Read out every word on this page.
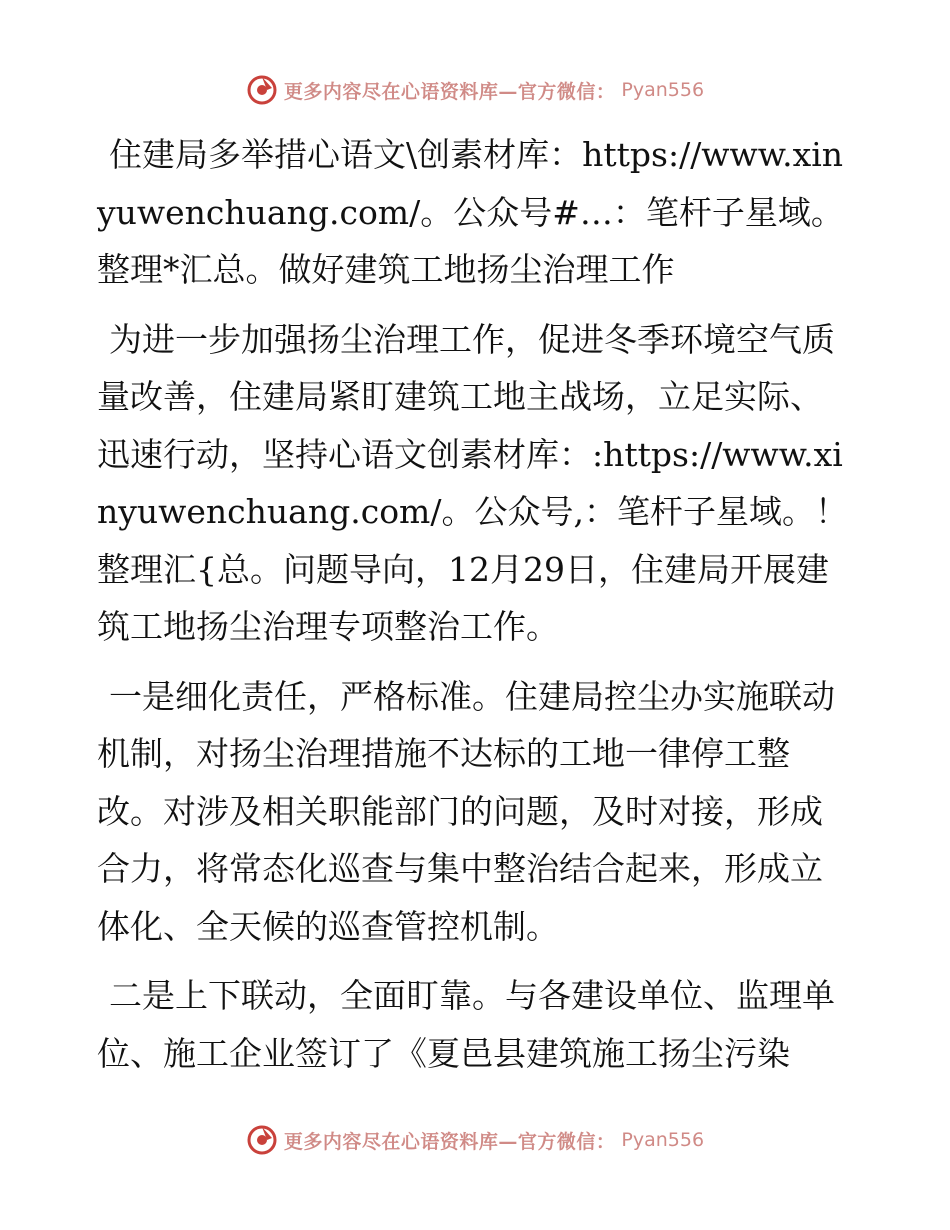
更多内容尽在心语资料库—官方微信： Pyan556

住建局多举措心语文\创素材库：https://www.xinyuwenchuang.com/。公众号#…：笔杆子星域。整理*汇总。做好建筑工地扬尘治理工作

为进一步加强扬尘治理工作，促进冬季环境空气质量改善，住建局紧盯建筑工地主战场，立足实际、迅速行动，坚持心语文创素材库：:https://www.xinyuwenchuang.com/。公众号,：笔杆子星域。！整理汇{总。问题导向，12月29日，住建局开展建筑工地扬尘治理专项整治工作。

一是细化责任，严格标准。住建局控尘办实施联动机制，对扬尘治理措施不达标的工地一律停工整改。对涉及相关职能部门的问题，及时对接，形成合力，将常态化巡查与集中整治结合起来，形成立体化、全天候的巡查管控机制。

二是上下联动，全面盯靠。与各建设单位、监理单位、施工企业签订了《夏邑县建筑施工扬尘污染

更多内容尽在心语资料库—官方微信： Pyan556
